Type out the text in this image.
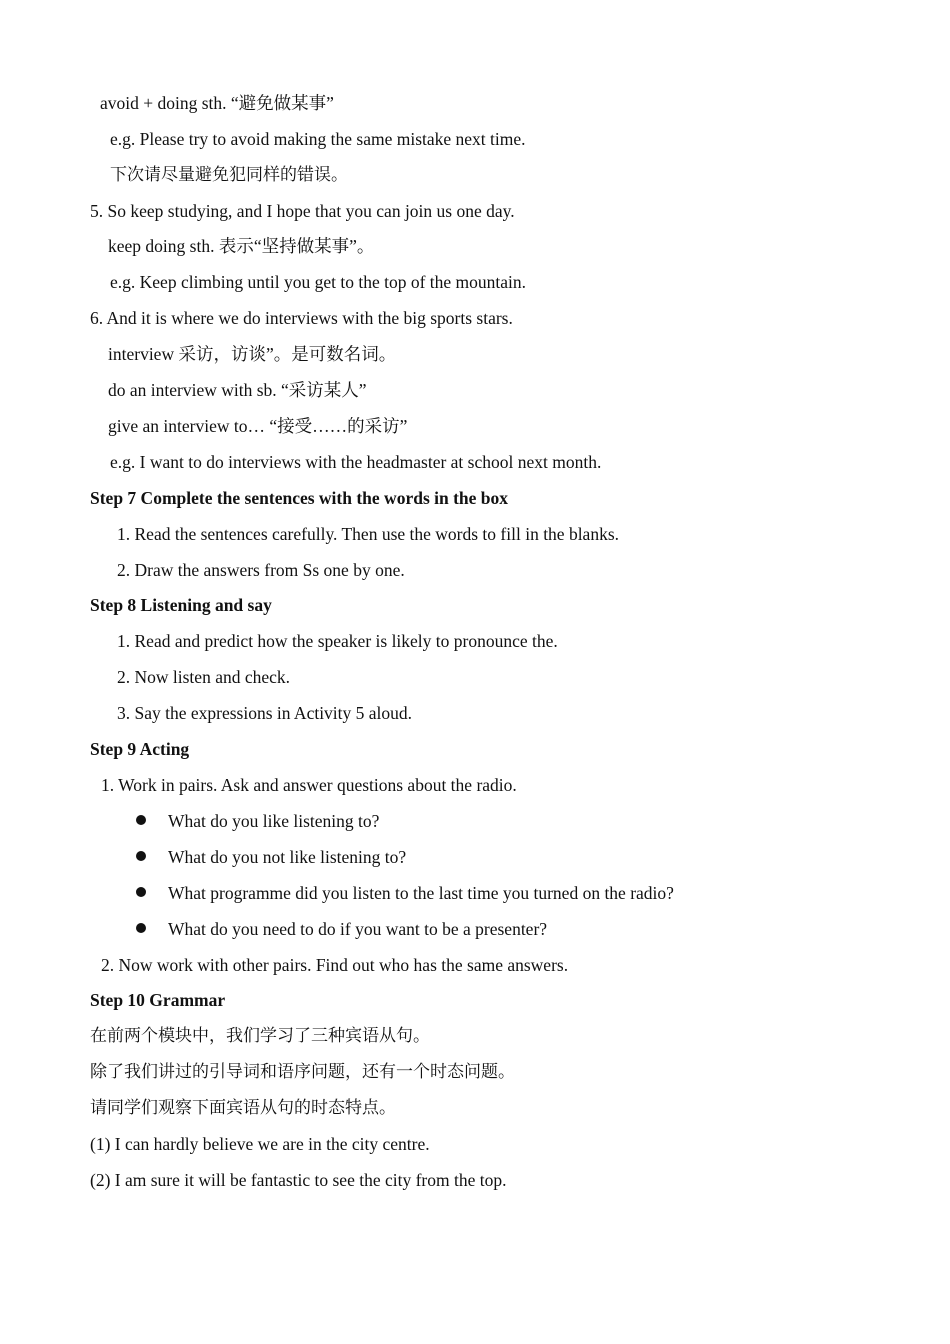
avoid + doing sth. “避免做某事”
e.g. Please try to avoid making the same mistake next time.
下次请尽量避免犯同样的错误。
5. So keep studying, and I hope that you can join us one day.
keep doing sth. 表示“坚持做某事”。
e.g. Keep climbing until you get to the top of the mountain.
6. And it is where we do interviews with the big sports stars.
interview 采访，访谈”。是可数名词。
do an interview with sb. “采访某人”
give an interview to… “接受……的采访”
e.g. I want to do interviews with the headmaster at school next month.
Step 7 Complete the sentences with the words in the box
1. Read the sentences carefully. Then use the words to fill in the blanks.
2. Draw the answers from Ss one by one.
Step 8 Listening and say
1. Read and predict how the speaker is likely to pronounce the.
2. Now listen and check.
3. Say the expressions in Activity 5 aloud.
Step 9 Acting
1. Work in pairs. Ask and answer questions about the radio.
What do you like listening to?
What do you not like listening to?
What programme did you listen to the last time you turned on the radio?
What do you need to do if you want to be a presenter?
2. Now work with other pairs. Find out who has the same answers.
Step 10 Grammar
在前两个模块中，我们学习了三种宾语从句。
除了我们讲过的引导词和语序问题，还有一个时态问题。
请同学们观察下面宾语从句的时态特点。
(1) I can hardly believe we are in the city centre.
(2) I am sure it will be fantastic to see the city from the top.
